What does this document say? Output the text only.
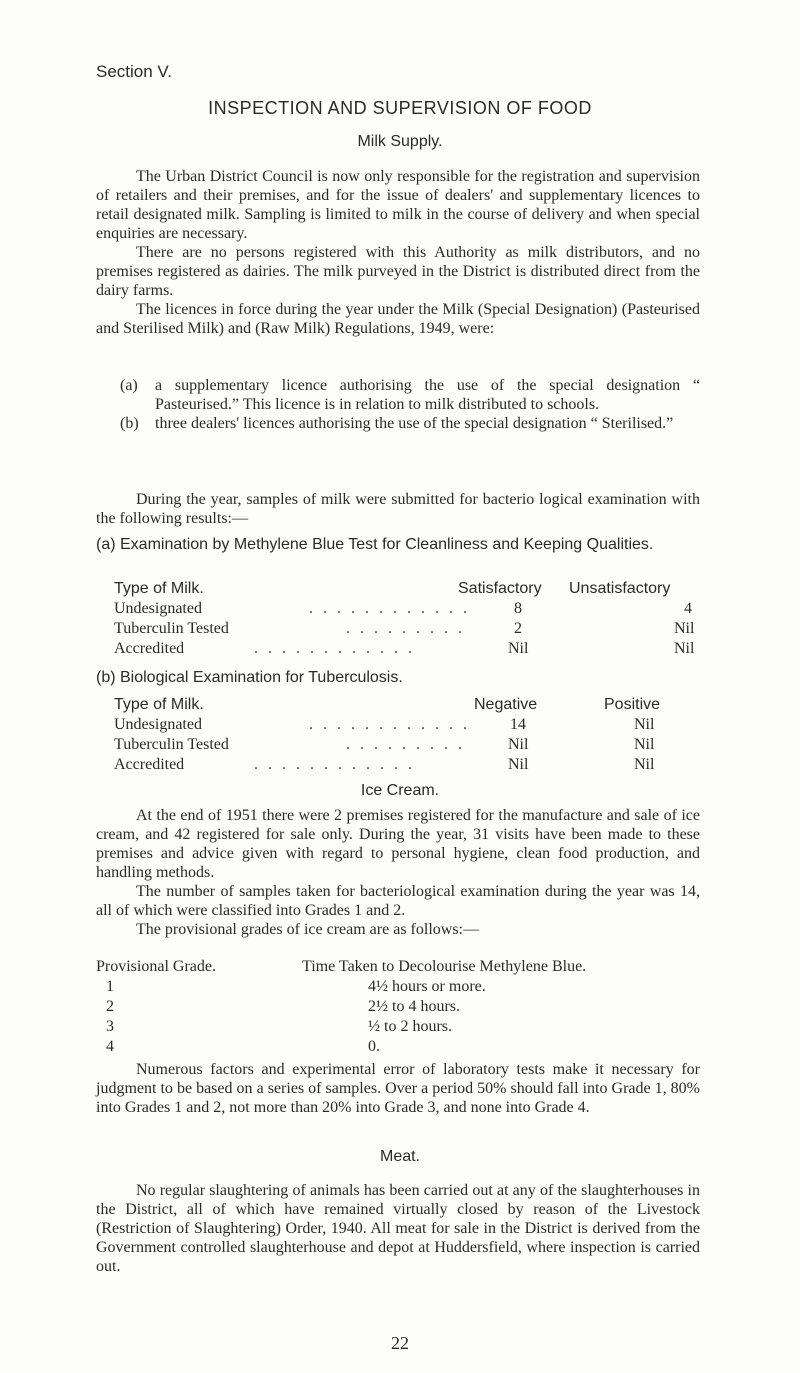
Section V.
INSPECTION AND SUPERVISION OF FOOD
Milk Supply.

The Urban District Council is now only responsible for the registration and supervision of retailers and their premises, and for the issue of dealers' and supplementary licences to retail designated milk. Sampling is limited to milk in the course of delivery and when special enquiries are necessary.

There are no persons registered with this Authority as milk distributors, and no premises registered as dairies. The milk purveyed in the District is distributed direct from the dairy farms.

The licences in force during the year under the Milk (Special Designation) (Pasteurised and Sterilised Milk) and (Raw Milk) Regulations, 1949, were:

(a)	a supplementary licence authorising the use of the special designation “ Pasteurised.” This licence is in relation to milk distributed to schools.
(b)	three dealers' licences authorising the use of the special designation “ Sterilised.”

During the year, samples of milk were submitted for bacterio logical examination with the following results:—

(a) Examination by Methylene Blue Test for Cleanliness and Keeping Qualities.
Type of Milk.	Satisfactory Unsatisfactory
Undesignated	. . . . . . . . . . . .	8	4
Tuberculin Tested	. . . . . . . . .	2	Nil
Accredited	. . . . . . . . . . . .	Nil	Nil
(b) Biological Examination for Tuberculosis.
Type of Milk.	Negative	Positive
Undesignated	. . . . . . . . . . . .	14	Nil
Tuberculin Tested	. . . . . . . . .	Nil	Nil
Accredited	. . . . . . . . . . . .	Nil	Nil
Ice Cream.

At the end of 1951 there were 2 premises registered for the manufacture and sale of ice cream, and 42 registered for sale only. During the year, 31 visits have been made to these premises and advice given with regard to personal hygiene, clean food production, and handling methods.

The number of samples taken for bacteriological examination during the year was 14, all of which were classified into Grades 1 and 2.

The provisional grades of ice cream are as follows:—

Provisional Grade.	Time Taken to Decolourise Methylene Blue.
1	4½ hours or more.
2	2½ to 4 hours.
3	½ to 2 hours.
4	0.

Numerous factors and experimental error of laboratory tests make it necessary for judgment to be based on a series of samples. Over a period 50% should fall into Grade 1, 80% into Grades 1 and 2, not more than 20% into Grade 3, and none into Grade 4.

Meat.

No regular slaughtering of animals has been carried out at any of the slaughterhouses in the District, all of which have remained virtually closed by reason of the Livestock (Restriction of Slaughtering) Order, 1940. All meat for sale in the District is derived from the Government controlled slaughterhouse and depot at Huddersfield, where inspection is carried out.

22
